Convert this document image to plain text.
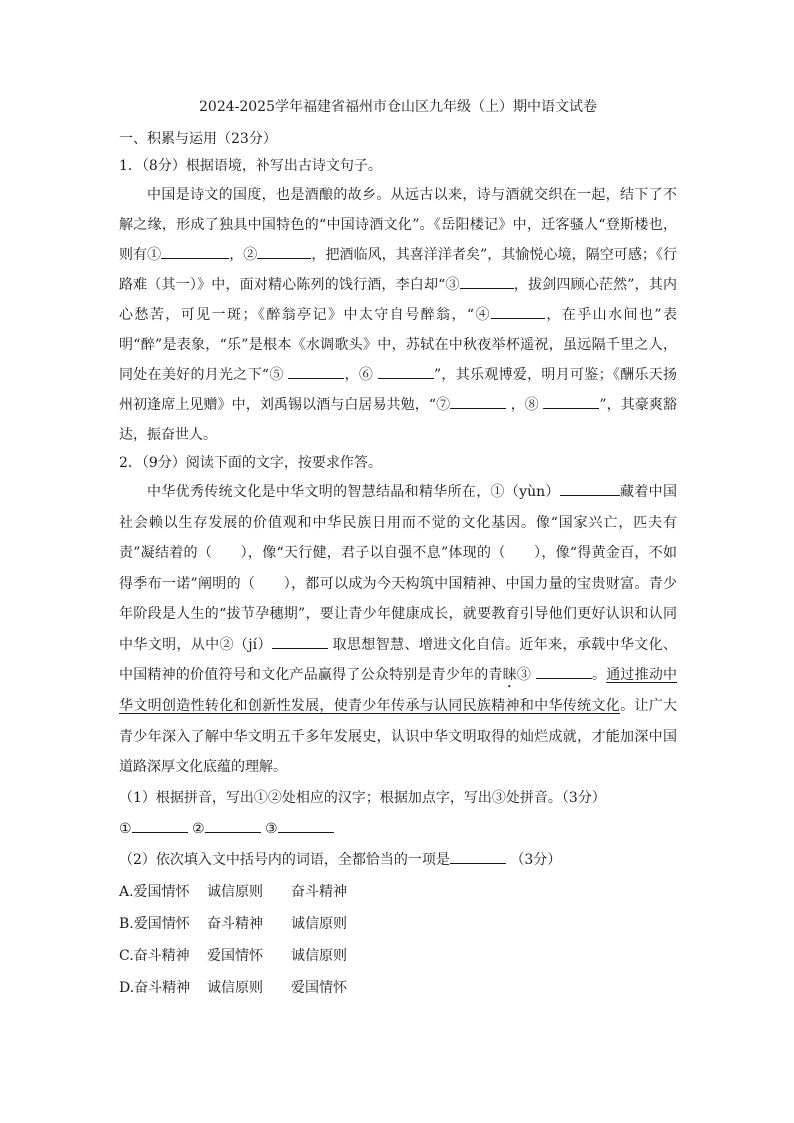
2024-2025学年福建省福州市仓山区九年级（上）期中语文试卷
一、积累与运用（23分）
1．（8分）根据语境，补写出古诗文句子。

中国是诗文的国度，也是酒酿的故乡。从远古以来，诗与酒就交织在一起，结下了不解之缘，形成了独具中国特色的“中国诗酒文化”。《岳阳楼记》中，迁客骚人“登斯楼也，则有①	，②	，把酒临风，其喜洋洋者矣”，其愉悦心境，隔空可感；《行路难（其一）》中，面对精心陈列的饯行酒，李白却“③	，拔剑四顾心茫然”，其内心愁苦，可见一斑；《醉翁亭记》中太守自号醉翁，“④	，在乎山水间也”表明“醉”是表象，“乐”是根本《水调歌头》中，苏轼在中秋夜举杯遥祝，虽远隔千里之人，同处在美好的月光之下“⑤	，⑥	”，其乐观博爱，明月可鉴；《酬乐天扬州初逢席上见赠》中，刘禹锡以酒与白居易共勉，“⑦	，⑧	”，其豪爽豁达，振奋世人。

2．（9分）阅读下面的文字，按要求作答。

中华优秀传统文化是中华文明的智慧结晶和精华所在，①（yùn）	藏着中国社会赖以生存发展的价值观和中华民族日用而不觉的文化基因。像“国家兴亡，匹夫有责”凝结着的（　　），像“天行健，君子以自强不息”体现的（　　），像“得黄金百，不如得季布一诺”阐明的（　　），都可以成为今天构筑中国精神、中国力量的宝贵财富。青少年阶段是人生的“拔节孕穗期”，要让青少年健康成长，就要教育引导他们更好认识和认同中华文明，从中②（jí）	取思想智慧、增进文化自信。近年来，承载中华文化、中国精神的价值符号和文化产品赢得了公众特别是青少年的青睐③	。通过推动中华文明创造性转化和创新性发展，使青少年传承与认同民族精神和中华传统文化。让广大青少年深入了解中华文明五千多年发展史，认识中华文明取得的灿烂成就，才能加深中国道路深厚文化底蕴的理解。

（1）根据拼音，写出①②处相应的汉字；根据加点字，写出③处拼音。（3分）
①	②	③
（2）依次填入文中括号内的词语，全都恰当的一项是	（3分）
A.爱国情怀 诚信原则 奋斗精神
B.爱国情怀 奋斗精神 诚信原则
C.奋斗精神 爱国情怀 诚信原则
D.奋斗精神 诚信原则 爱国情怀
